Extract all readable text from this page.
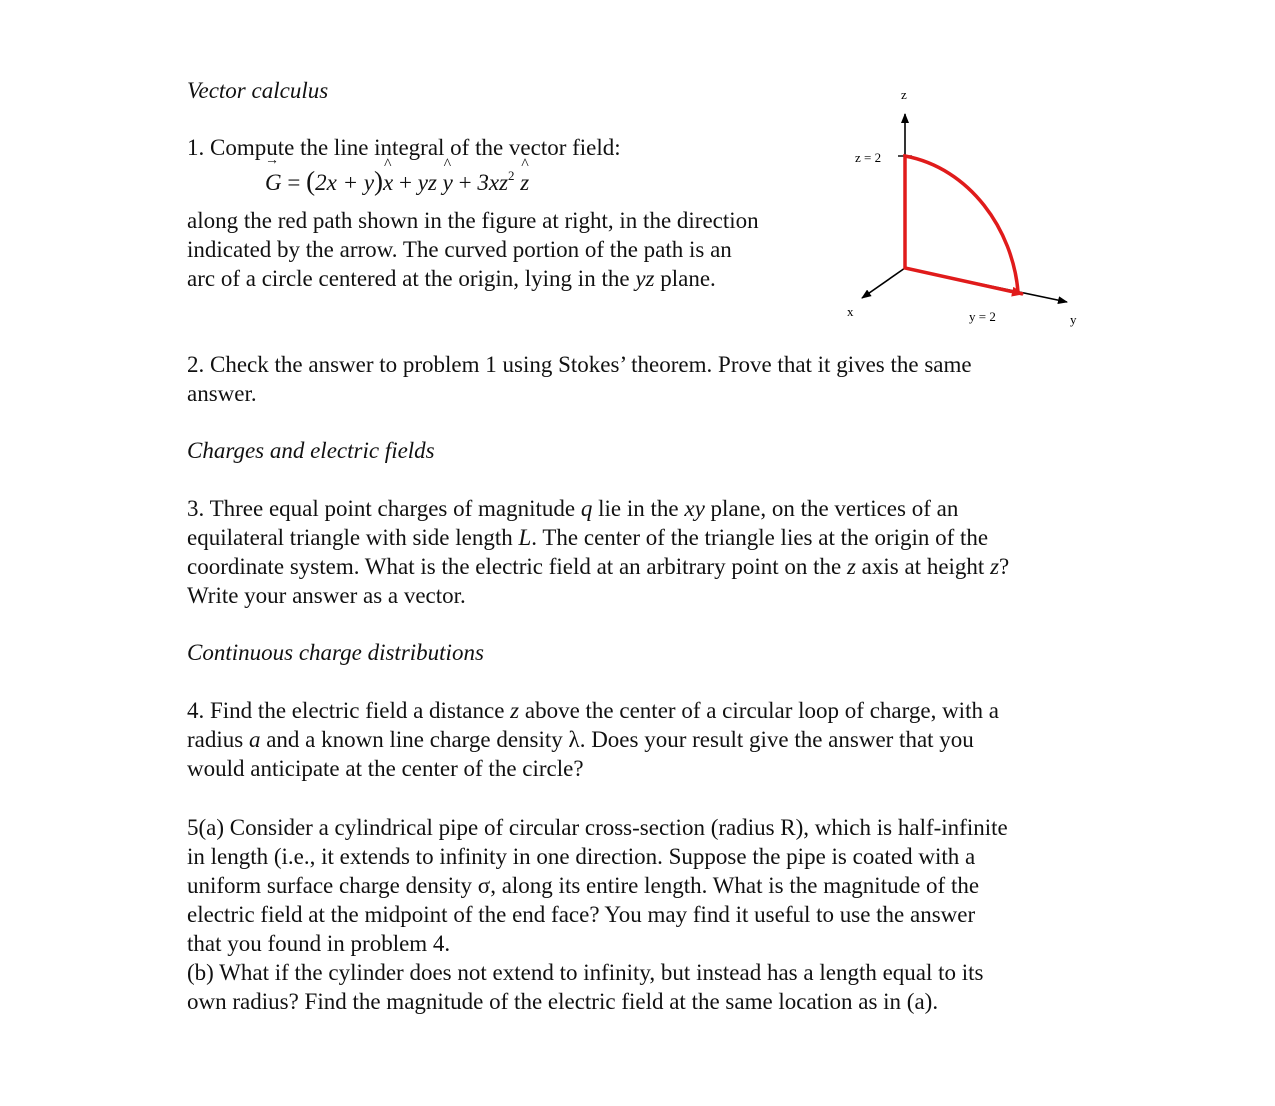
Vector calculus
1. Compute the line integral of the vector field:
G → = (2x + y)x ^ + yz y ^ + $3xz^2$ z ^
along the red path shown in the figure at right, in the direction
indicated by the arrow. The curved portion of the path is an
arc of a circle centered at the origin, lying in the yz plane.
z
z = 2
x	y = 2	y
2. Check the answer to problem 1 using Stokes’ theorem. Prove that it gives the same
answer.
Charges and electric fields
3. Three equal point charges of magnitude q lie in the xy plane, on the vertices of an
equilateral triangle with side length L. The center of the triangle lies at the origin of the
coordinate system. What is the electric field at an arbitrary point on the z axis at height z?
Write your answer as a vector.
Continuous charge distributions
4. Find the electric field a distance z above the center of a circular loop of charge, with a
radius a and a known line charge density λ. Does your result give the answer that you
would anticipate at the center of the circle?
5(a) Consider a cylindrical pipe of circular cross-section (radius R), which is half-infinite
in length (i.e., it extends to infinity in one direction. Suppose the pipe is coated with a
uniform surface charge density σ, along its entire length. What is the magnitude of the
electric field at the midpoint of the end face? You may find it useful to use the answer
that you found in problem 4.
(b) What if the cylinder does not extend to infinity, but instead has a length equal to its
own radius? Find the magnitude of the electric field at the same location as in (a).
